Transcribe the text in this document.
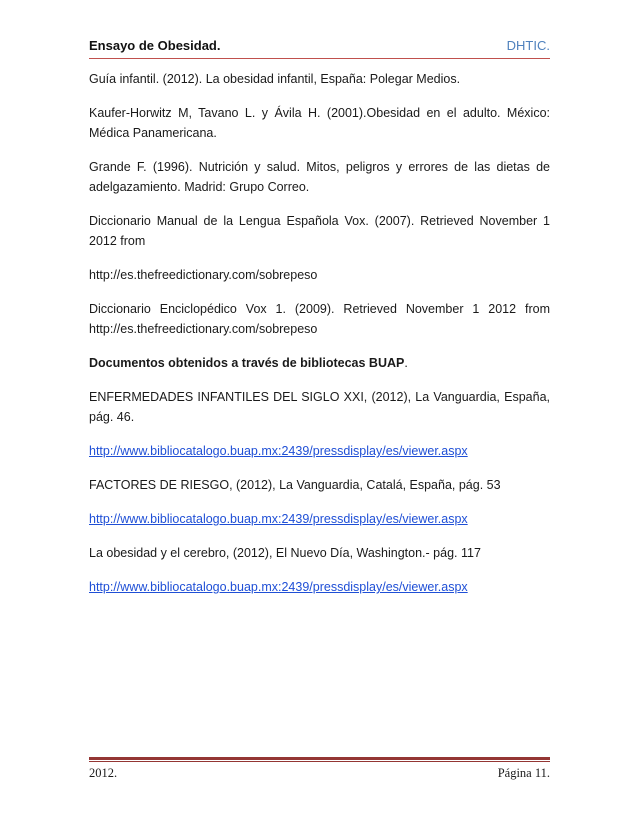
Ensayo de Obesidad.	DHTIC.

Guía infantil. (2012). La obesidad infantil, España: Polegar Medios.

Kaufer-Horwitz M, Tavano L. y Ávila H. (2001).Obesidad en el adulto. México: Médica Panamericana.

Grande F. (1996). Nutrición y salud. Mitos, peligros y errores de las dietas de adelgazamiento. Madrid: Grupo Correo.

Diccionario Manual de la Lengua Española Vox. (2007). Retrieved November 1 2012 from

http://es.thefreedictionary.com/sobrepeso

Diccionario Enciclopédico Vox 1. (2009). Retrieved November 1 2012 from http://es.thefreedictionary.com/sobrepeso

Documentos obtenidos a través de bibliotecas BUAP.

ENFERMEDADES INFANTILES DEL SIGLO XXI, (2012), La Vanguardia, España, pág. 46.

http://www.bibliocatalogo.buap.mx:2439/pressdisplay/es/viewer.aspx

FACTORES DE RIESGO, (2012), La Vanguardia, Catalá, España, pág. 53

http://www.bibliocatalogo.buap.mx:2439/pressdisplay/es/viewer.aspx

La obesidad y el cerebro, (2012), El Nuevo Día, Washington.- pág. 117

http://www.bibliocatalogo.buap.mx:2439/pressdisplay/es/viewer.aspx

2012.	Página 11.
